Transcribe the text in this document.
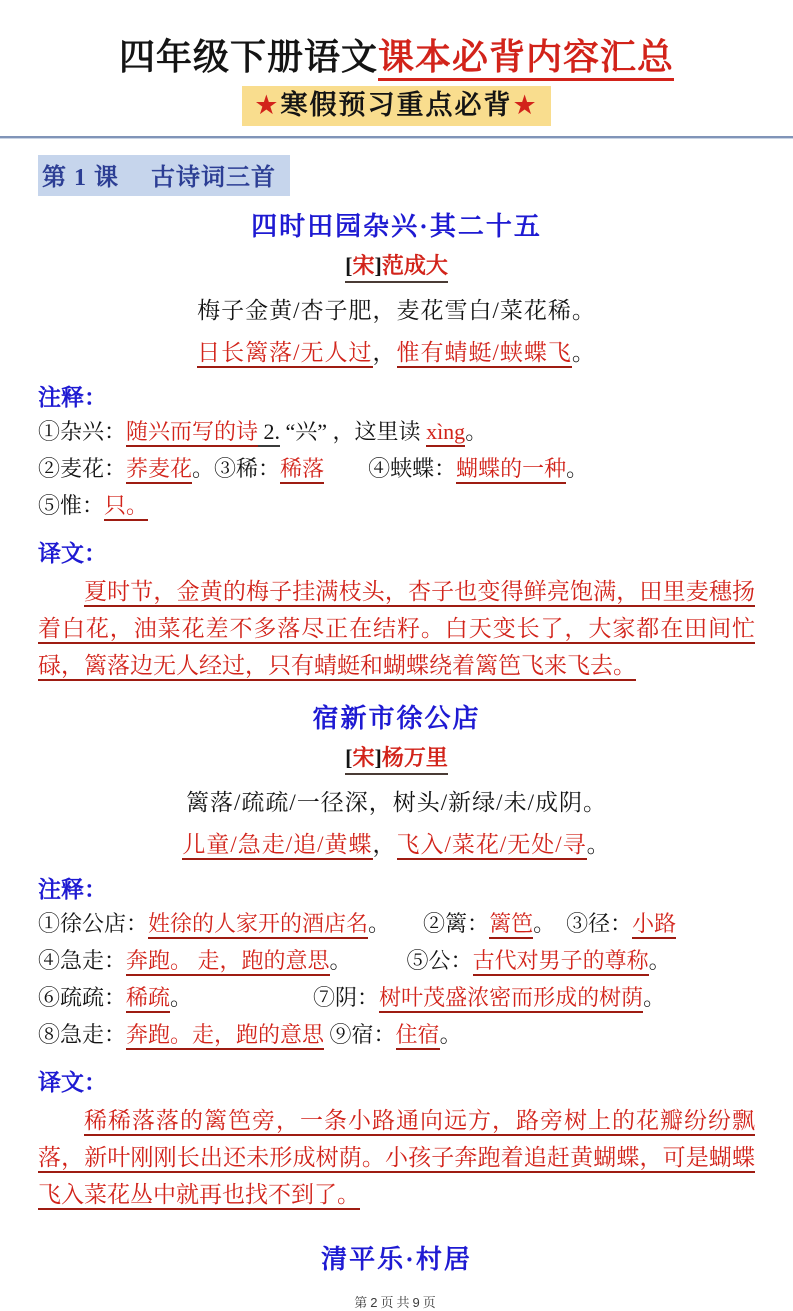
四年级下册语文课本必背内容汇总
★寒假预习重点必背★
第 1 课　 古诗词三首
四时田园杂兴·其二十五
[宋]范成大
梅子金黄/杏子肥，麦花雪白/菜花稀。
日长篱落/无人过，惟有蜻蜓/蛱蝶飞。
注释：

①杂兴：随兴而写的诗 2. “兴” ，这里读 xìng。

②麦花：荞麦花。③稀：稀落　　 ④蛱蝶：蝴蝶的一种。

⑤惟：只。

译文：

夏时节，金黄的梅子挂满枝头，杏子也变得鲜亮饱满，田里麦穗扬着白花，油菜花差不多落尽正在结籽。白天变长了，大家都在田间忙碌，篱落边无人经过，只有蜻蜓和蝴蝶绕着篱笆飞来飞去。

宿新市徐公店
[宋]杨万里
篱落/疏疏/一径深，树头/新绿/未/成阴。
儿童/急走/追/黄蝶，飞入/菜花/无处/寻。
注释：

①徐公店：姓徐的人家开的酒店名。　　②篱：篱笆。　③径：小路

④急走：奔跑。 走，跑的意思。　　　⑤公：古代对男子的尊称。

⑥疏疏：稀疏。　　　　　　⑦阴：树叶茂盛浓密而形成的树荫。

⑧急走：奔跑。走，跑的意思 ⑨宿：住宿。

译文：

稀稀落落的篱笆旁，一条小路通向远方，路旁树上的花瓣纷纷飘落，新叶刚刚长出还未形成树荫。小孩子奔跑着追赶黄蝴蝶，可是蝴蝶飞入菜花丛中就再也找不到了。

清平乐·村居
第2页共9页
